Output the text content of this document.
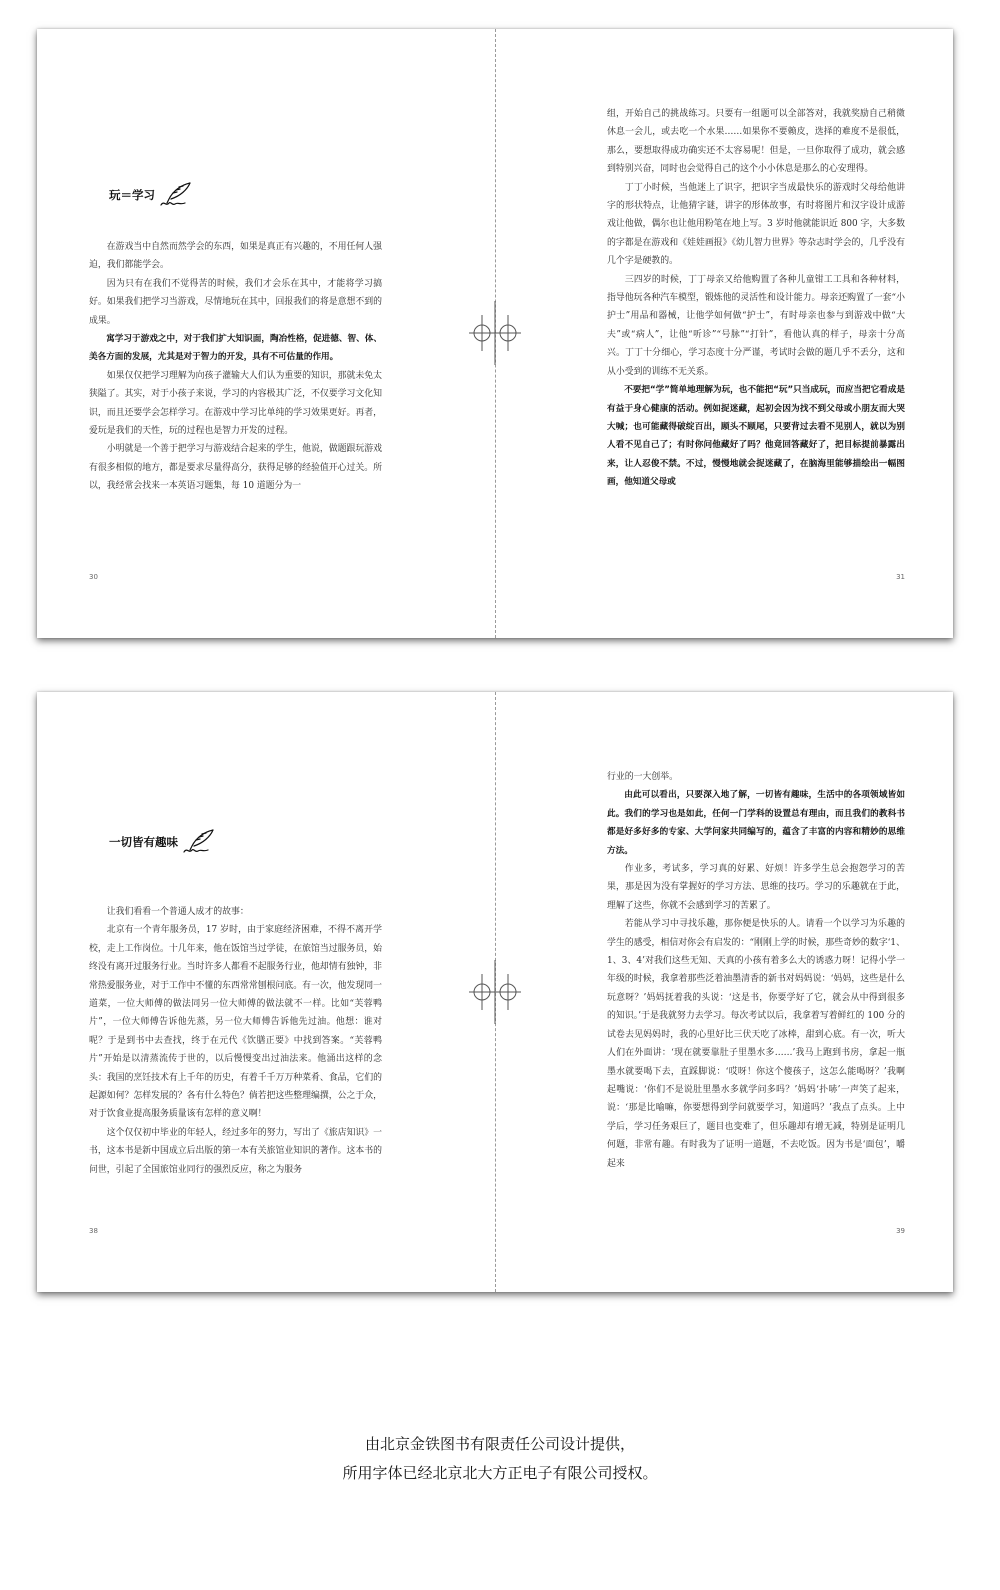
玩＝学习

在游戏当中自然而然学会的东西，如果是真正有兴趣的，不用任何人强迫，我们都能学会。

因为只有在我们不觉得苦的时候，我们才会乐在其中，才能将学习搞好。如果我们把学习当游戏，尽情地玩在其中，回报我们的将是意想不到的成果。

寓学习于游戏之中，对于我们扩大知识面，陶冶性格，促进德、智、体、美各方面的发展，尤其是对于智力的开发，具有不可估量的作用。

如果仅仅把学习理解为向孩子灌输大人们认为重要的知识，那就未免太狭隘了。其实，对于小孩子来说，学习的内容极其广泛，不仅要学习文化知识，而且还要学会怎样学习。在游戏中学习比单纯的学习效果更好。再者，爱玩是我们的天性，玩的过程也是智力开发的过程。

小明就是一个善于把学习与游戏结合起来的学生，他说，做题跟玩游戏有很多相似的地方，都是要求尽量得高分，获得足够的经验值开心过关。所以，我经常会找来一本英语习题集，每 10 道题分为一

30

组，开始自己的挑战练习。只要有一组题可以全部答对，我就奖励自己稍微休息一会儿，或去吃一个水果……如果你不要赖皮，选择的难度不是很低，那么，要想取得成功确实还不太容易呢！但是，一旦你取得了成功，就会感到特别兴奋，同时也会觉得自己的这个小小休息是那么的心安理得。

丁丁小时候，当他迷上了识字，把识字当成最快乐的游戏时父母给他讲字的形状特点，让他猜字谜，讲字的形体故事，有时将图片和汉字设计成游戏让他做，偶尔也让他用粉笔在地上写。3 岁时他就能识近 800 字，大多数的字都是在游戏和《娃娃画报》《幼儿智力世界》等杂志时学会的，几乎没有几个字是硬教的。

三四岁的时候，丁丁母亲又给他购置了各种儿童钳工工具和各种材料，指导他玩各种汽车模型，锻炼他的灵活性和设计能力。母亲还购置了一套“小护士”用品和器械，让他学如何做“护士”，有时母亲也参与到游戏中做“大夫”或“病人”，让他“听诊”“号脉”“打针”，看他认真的样子，母亲十分高兴。丁丁十分细心，学习态度十分严谨，考试时会做的题几乎不丢分，这和从小受到的训练不无关系。

不要把“学”简单地理解为玩，也不能把“玩”只当成玩，而应当把它看成是有益于身心健康的活动。例如捉迷藏，起初会因为找不到父母或小朋友而大哭大喊；也可能藏得破绽百出，顾头不顾尾，只要背过去看不见别人，就以为别人看不见自己了；有时你问他藏好了吗？他竟回答藏好了，把目标提前暴露出来，让人忍俊不禁。不过，慢慢地就会捉迷藏了，在脑海里能够描绘出一幅图画，他知道父母或

31
一切皆有趣味

让我们看看一个普通人成才的故事：

北京有一个青年服务员，17 岁时，由于家庭经济困难，不得不离开学校，走上工作岗位。十几年来，他在饭馆当过学徒，在旅馆当过服务员，始终没有离开过服务行业。当时许多人都看不起服务行业，他却情有独钟，非常热爱服务业，对于工作中不懂的东西常常刨根问底。有一次，他发现同一道菜，一位大师傅的做法同另一位大师傅的做法就不一样。比如“芙蓉鸭片”，一位大师傅告诉他先蒸，另一位大师傅告诉他先过油。他想：谁对呢？于是到书中去查找，终于在元代《饮膳正要》中找到答案。“芙蓉鸭片”开始是以清蒸流传于世的，以后慢慢变出过油法来。他涌出这样的念头：我国的烹饪技术有上千年的历史，有着千千万万种菜肴、食品，它们的起源如何？怎样发展的？各有什么特色？倘若把这些整理编撰，公之于众，对于饮食业提高服务质量该有怎样的意义啊！

这个仅仅初中毕业的年轻人，经过多年的努力，写出了《旅店知识》一书，这本书是新中国成立后出版的第一本有关旅馆业知识的著作。这本书的问世，引起了全国旅馆业同行的强烈反应，称之为服务

38

行业的一大创举。

由此可以看出，只要深入地了解，一切皆有趣味，生活中的各项领域皆如此。我们的学习也是如此，任何一门学科的设置总有理由，而且我们的教科书都是好多好多的专家、大学问家共同编写的，蕴含了丰富的内容和精妙的思维方法。

作业多，考试多，学习真的好累、好烦！许多学生总会抱怨学习的苦果，那是因为没有掌握好的学习方法、思维的技巧。学习的乐趣就在于此，理解了这些，你就不会感到学习的苦累了。

若能从学习中寻找乐趣，那你便是快乐的人。请看一个以学习为乐趣的学生的感受，相信对你会有启发的：“刚刚上学的时候，那些奇妙的数字‘1、1、3、4’对我们这些无知、天真的小孩有着多么大的诱惑力呀！记得小学一年级的时候，我拿着那些泛着油墨清香的新书对妈妈说：‘妈妈，这些是什么玩意呀？’妈妈抚着我的头说：‘这是书，你要学好了它，就会从中得到很多的知识。’于是我就努力去学习。每次考试以后，我拿着写着鲜红的 100 分的试卷去见妈妈时，我的心里好比三伏天吃了冰棒，甜到心底。有一次，听大人们在外面讲：‘现在就要靠肚子里墨水多……’我马上跑到书房，拿起一瓶墨水就要喝下去，直踩脚说：‘哎呀！你这个傻孩子，这怎么能喝呀？’我啊起嘴说：‘你们不是说肚里墨水多就学问多吗？’妈妈‘扑哧’一声笑了起来，说：‘那是比喻嘛，你要想得到学问就要学习，知道吗？’我点了点头。上中学后，学习任务艰巨了，题目也变难了，但乐趣却有增无减，特别是证明几何题，非常有趣。有时我为了证明一道题，不去吃饭。因为书是‘面包’，嚼起来

39
由北京金铁图书有限责任公司设计提供，
所用字体已经北京北大方正电子有限公司授权。
